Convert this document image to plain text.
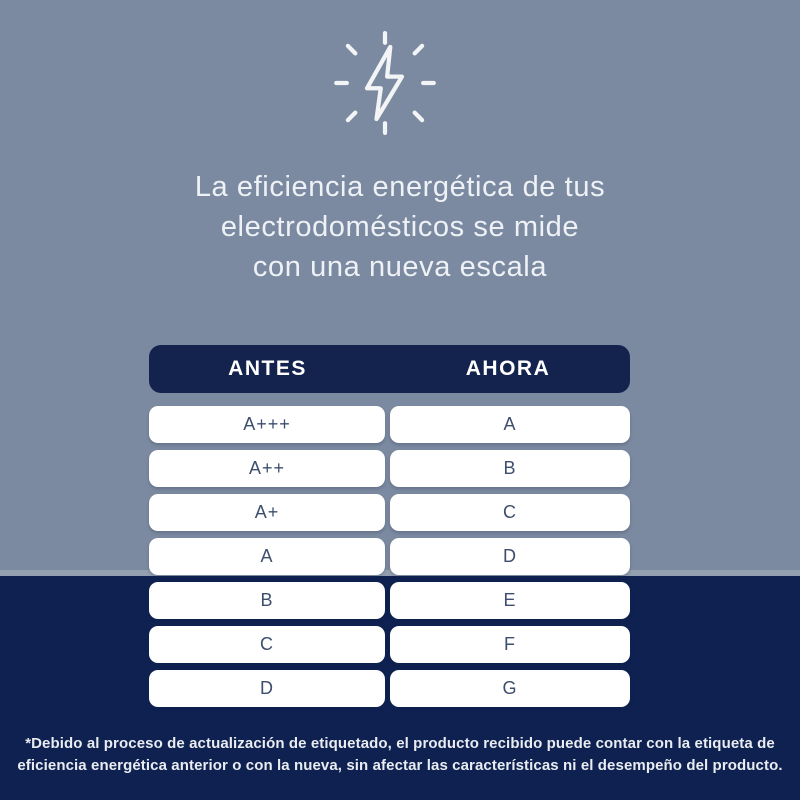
La eficiencia energética de tus
electrodomésticos se mide
con una nueva escala
ANTES	AHORA
A+++	A
A++	B
A+	C
A	D
B	E
C	F
D	G
*Debido al proceso de actualización de etiquetado, el producto recibido puede contar con la etiqueta de
eficiencia energética anterior o con la nueva, sin afectar las características ni el desempeño del producto.
